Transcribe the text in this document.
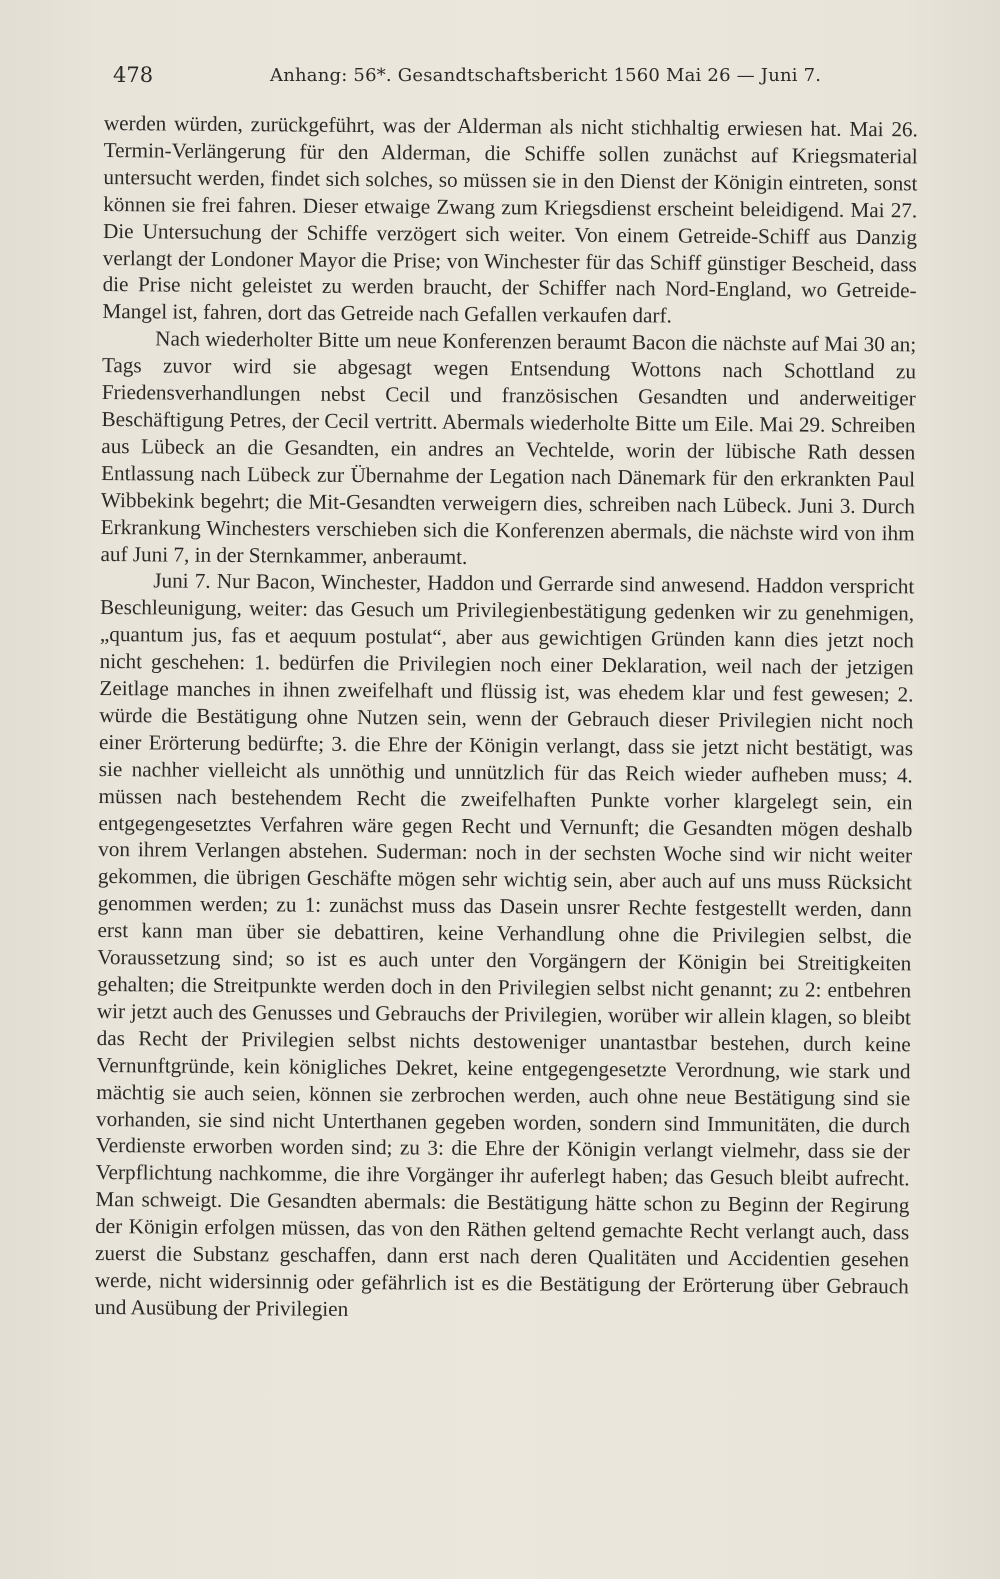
478	Anhang: 56*. Gesandtschaftsbericht 1560 Mai 26 — Juni 7.

werden würden, zurückgeführt, was der Alderman als nicht stichhaltig erwiesen hat. Mai 26. Termin-Verlängerung für den Alderman, die Schiffe sollen zunächst auf Kriegsmaterial untersucht werden, findet sich solches, so müssen sie in den Dienst der Königin eintreten, sonst können sie frei fahren. Dieser etwaige Zwang zum Kriegsdienst erscheint beleidigend. Mai 27. Die Untersuchung der Schiffe verzögert sich weiter. Von einem Getreide-Schiff aus Danzig verlangt der Londoner Mayor die Prise; von Winchester für das Schiff günstiger Bescheid, dass die Prise nicht geleistet zu werden braucht, der Schiffer nach Nord-England, wo Getreide-Mangel ist, fahren, dort das Getreide nach Gefallen verkaufen darf.

Nach wiederholter Bitte um neue Konferenzen beraumt Bacon die nächste auf Mai 30 an; Tags zuvor wird sie abgesagt wegen Entsendung Wottons nach Schottland zu Friedensverhandlungen nebst Cecil und französischen Gesandten und anderweitiger Beschäftigung Petres, der Cecil vertritt. Abermals wiederholte Bitte um Eile. Mai 29. Schreiben aus Lübeck an die Gesandten, ein andres an Vechtelde, worin der lübische Rath dessen Entlassung nach Lübeck zur Übernahme der Legation nach Dänemark für den erkrankten Paul Wibbekink begehrt; die Mit-Gesandten verweigern dies, schreiben nach Lübeck. Juni 3. Durch Erkrankung Winchesters verschieben sich die Konferenzen abermals, die nächste wird von ihm auf Juni 7, in der Sternkammer, anberaumt.

Juni 7. Nur Bacon, Winchester, Haddon und Gerrarde sind anwesend. Haddon verspricht Beschleunigung, weiter: das Gesuch um Privilegienbestätigung gedenken wir zu genehmigen, „quantum jus, fas et aequum postulat“, aber aus gewichtigen Gründen kann dies jetzt noch nicht geschehen: 1. bedürfen die Privilegien noch einer Deklaration, weil nach der jetzigen Zeitlage manches in ihnen zweifelhaft und flüssig ist, was ehedem klar und fest gewesen; 2. würde die Bestätigung ohne Nutzen sein, wenn der Gebrauch dieser Privilegien nicht noch einer Erörterung bedürfte; 3. die Ehre der Königin verlangt, dass sie jetzt nicht bestätigt, was sie nachher vielleicht als unnöthig und unnützlich für das Reich wieder aufheben muss; 4. müssen nach bestehendem Recht die zweifelhaften Punkte vorher klargelegt sein, ein entgegengesetztes Verfahren wäre gegen Recht und Vernunft; die Gesandten mögen deshalb von ihrem Verlangen abstehen. Suderman: noch in der sechsten Woche sind wir nicht weiter gekommen, die übrigen Geschäfte mögen sehr wichtig sein, aber auch auf uns muss Rücksicht genommen werden; zu 1: zunächst muss das Dasein unsrer Rechte festgestellt werden, dann erst kann man über sie debattiren, keine Verhandlung ohne die Privilegien selbst, die Voraussetzung sind; so ist es auch unter den Vorgängern der Königin bei Streitigkeiten gehalten; die Streitpunkte werden doch in den Privilegien selbst nicht genannt; zu 2: entbehren wir jetzt auch des Genusses und Gebrauchs der Privilegien, worüber wir allein klagen, so bleibt das Recht der Privilegien selbst nichts destoweniger unantastbar bestehen, durch keine Vernunftgründe, kein königliches Dekret, keine entgegengesetzte Verordnung, wie stark und mächtig sie auch seien, können sie zerbrochen werden, auch ohne neue Bestätigung sind sie vorhanden, sie sind nicht Unterthanen gegeben worden, sondern sind Immunitäten, die durch Verdienste erworben worden sind; zu 3: die Ehre der Königin verlangt vielmehr, dass sie der Verpflichtung nachkomme, die ihre Vorgänger ihr auferlegt haben; das Gesuch bleibt aufrecht. Man schweigt. Die Gesandten abermals: die Bestätigung hätte schon zu Beginn der Regirung der Königin erfolgen müssen, das von den Räthen geltend gemachte Recht verlangt auch, dass zuerst die Substanz geschaffen, dann erst nach deren Qualitäten und Accidentien gesehen werde, nicht widersinnig oder gefährlich ist es die Bestätigung der Erörterung über Gebrauch und Ausübung der Privilegien
